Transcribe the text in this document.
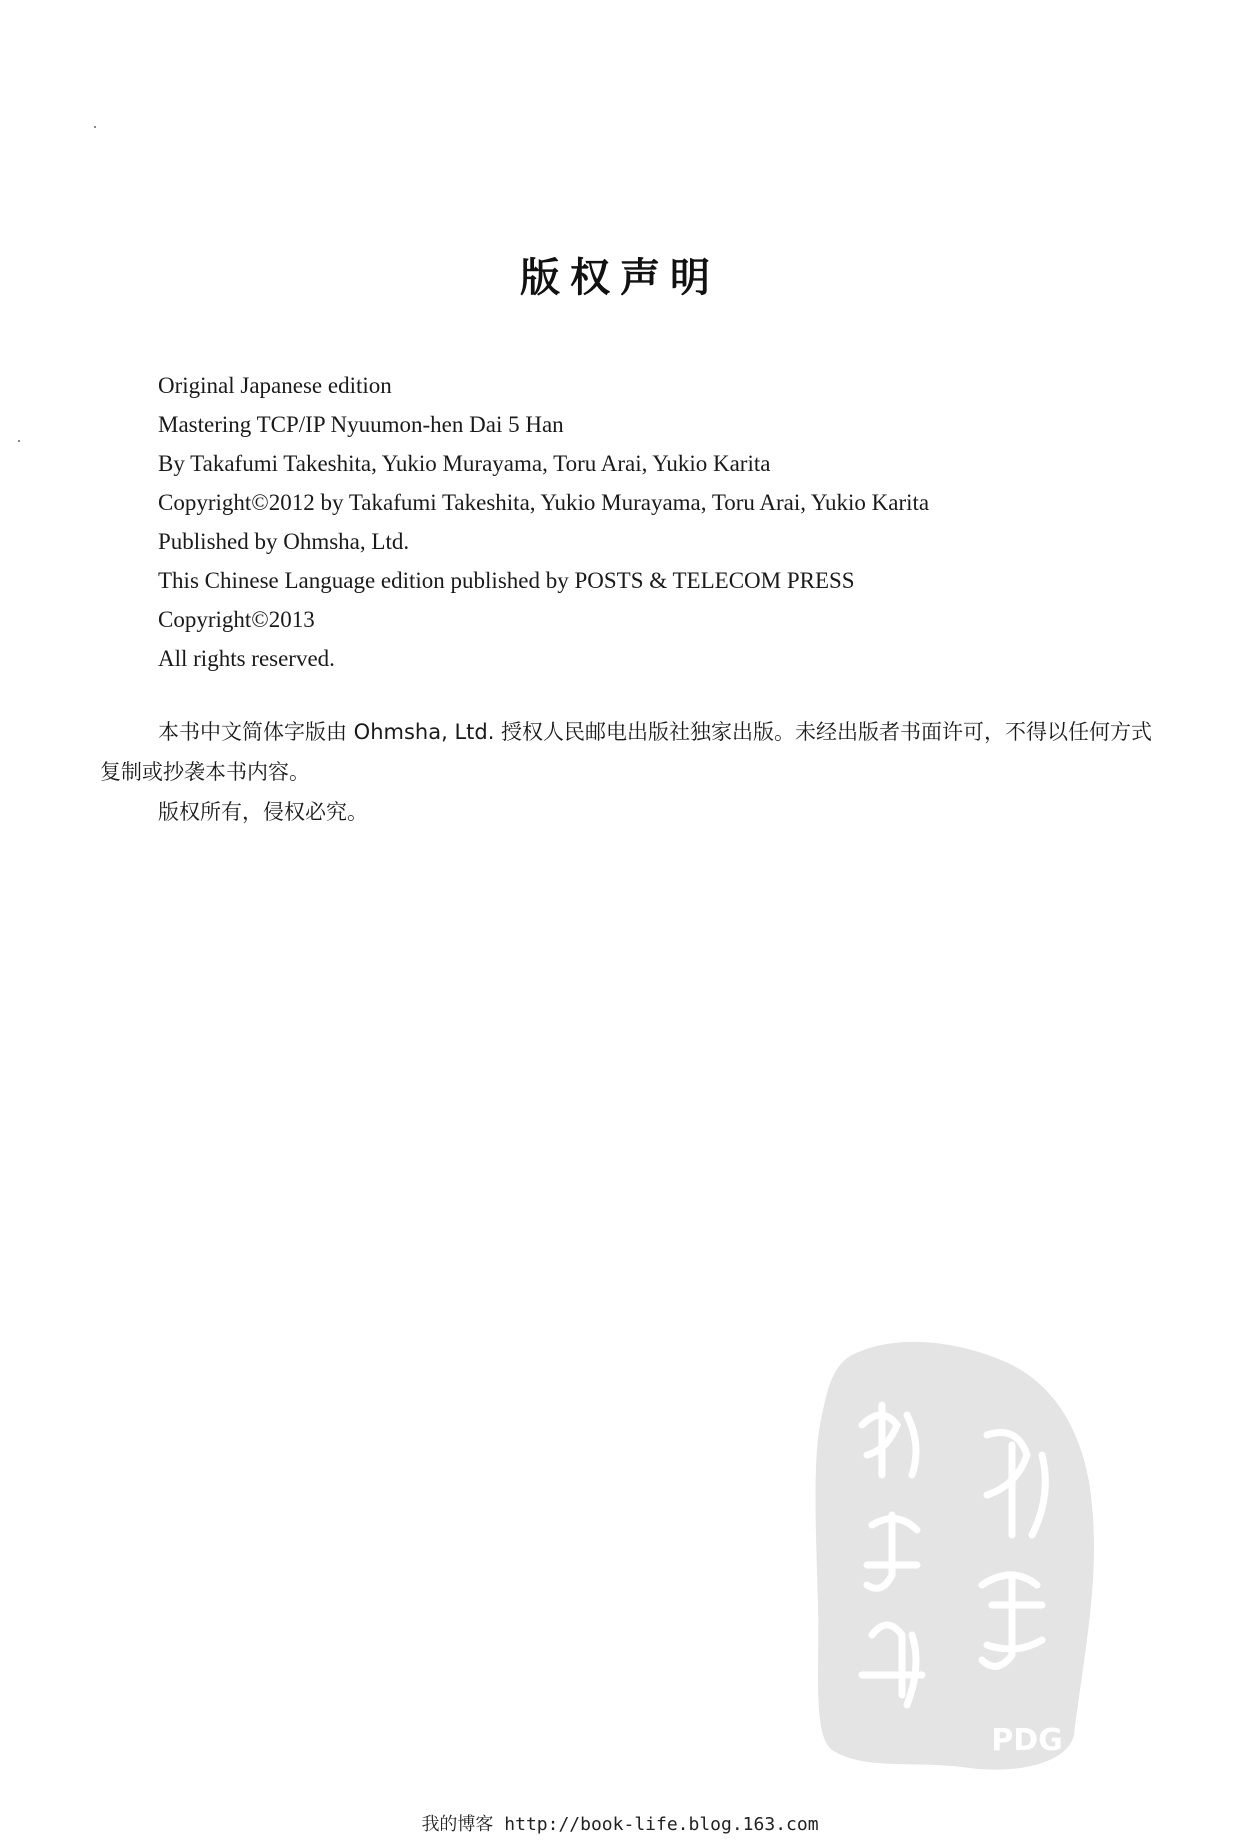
版权声明
Original Japanese edition
Mastering TCP/IP Nyuumon-hen Dai 5 Han
By Takafumi Takeshita, Yukio Murayama, Toru Arai, Yukio Karita
Copyright©2012 by Takafumi Takeshita, Yukio Murayama, Toru Arai, Yukio Karita
Published by Ohmsha, Ltd.
This Chinese Language edition published by POSTS & TELECOM PRESS
Copyright©2013
All rights reserved.

本书中文简体字版由 Ohmsha, Ltd. 授权人民邮电出版社独家出版。未经出版者书面许可，不得以任何方式复制或抄袭本书内容。

版权所有，侵权必究。

PDG
我的博客 http://book-life.blog.163.com
